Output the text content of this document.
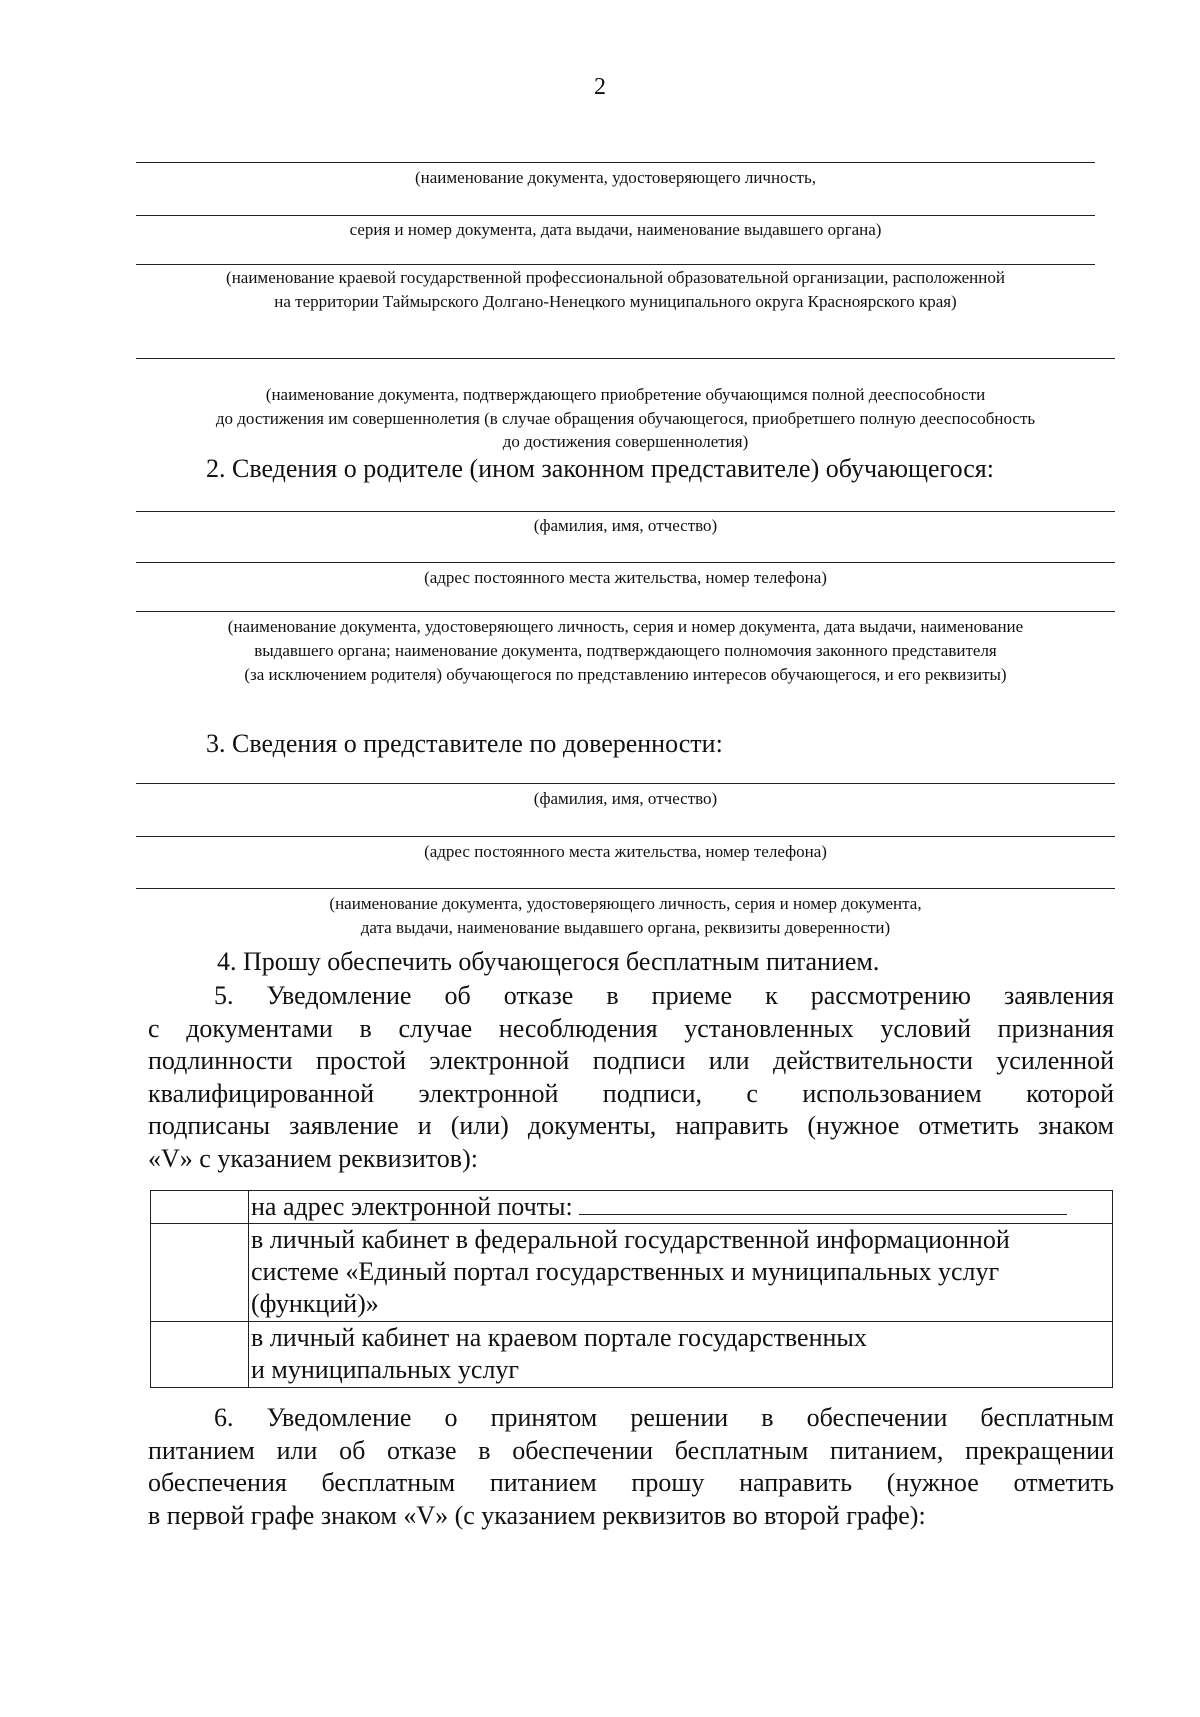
2
(наименование документа, удостоверяющего личность,
серия и номер документа, дата выдачи, наименование выдавшего органа)
(наименование краевой государственной профессиональной образовательной организации, расположенной
на территории Таймырского Долгано-Ненецкого муниципального округа Красноярского края)
(наименование документа, подтверждающего приобретение обучающимся полной дееспособности
до достижения им совершеннолетия (в случае обращения обучающегося, приобретшего полную дееспособность
до достижения совершеннолетия)
2. Сведения о родителе (ином законном представителе) обучающегося:
(фамилия, имя, отчество)
(адрес постоянного места жительства, номер телефона)
(наименование документа, удостоверяющего личность, серия и номер документа, дата выдачи, наименование
выдавшего органа; наименование документа, подтверждающего полномочия законного представителя
(за исключением родителя) обучающегося по представлению интересов обучающегося, и его реквизиты)
3. Сведения о представителе по доверенности:
(фамилия, имя, отчество)
(адрес постоянного места жительства, номер телефона)
(наименование документа, удостоверяющего личность, серия и номер документа,
дата выдачи, наименование выдавшего органа, реквизиты доверенности)
4. Прошу обеспечить обучающегося бесплатным питанием.
5. Уведомление об отказе в приеме к рассмотрению заявления
с документами в случае несоблюдения установленных условий признания
подлинности простой электронной подписи или действительности усиленной
квалифицированной электронной подписи, с использованием которой
подписаны заявление и (или) документы, направить (нужное отметить знаком
«V» с указанием реквизитов):
	на адрес электронной почты:

	в личный кабинет в федеральной государственной информационной
системе «Единый портал государственных и муниципальных услуг
(функций)»

	в личный кабинет на краевом портале государственных
и муниципальных услуг
6. Уведомление о принятом решении в обеспечении бесплатным
питанием или об отказе в обеспечении бесплатным питанием, прекращении
обеспечения бесплатным питанием прошу направить (нужное отметить
в первой графе знаком «V» (с указанием реквизитов во второй графе):
